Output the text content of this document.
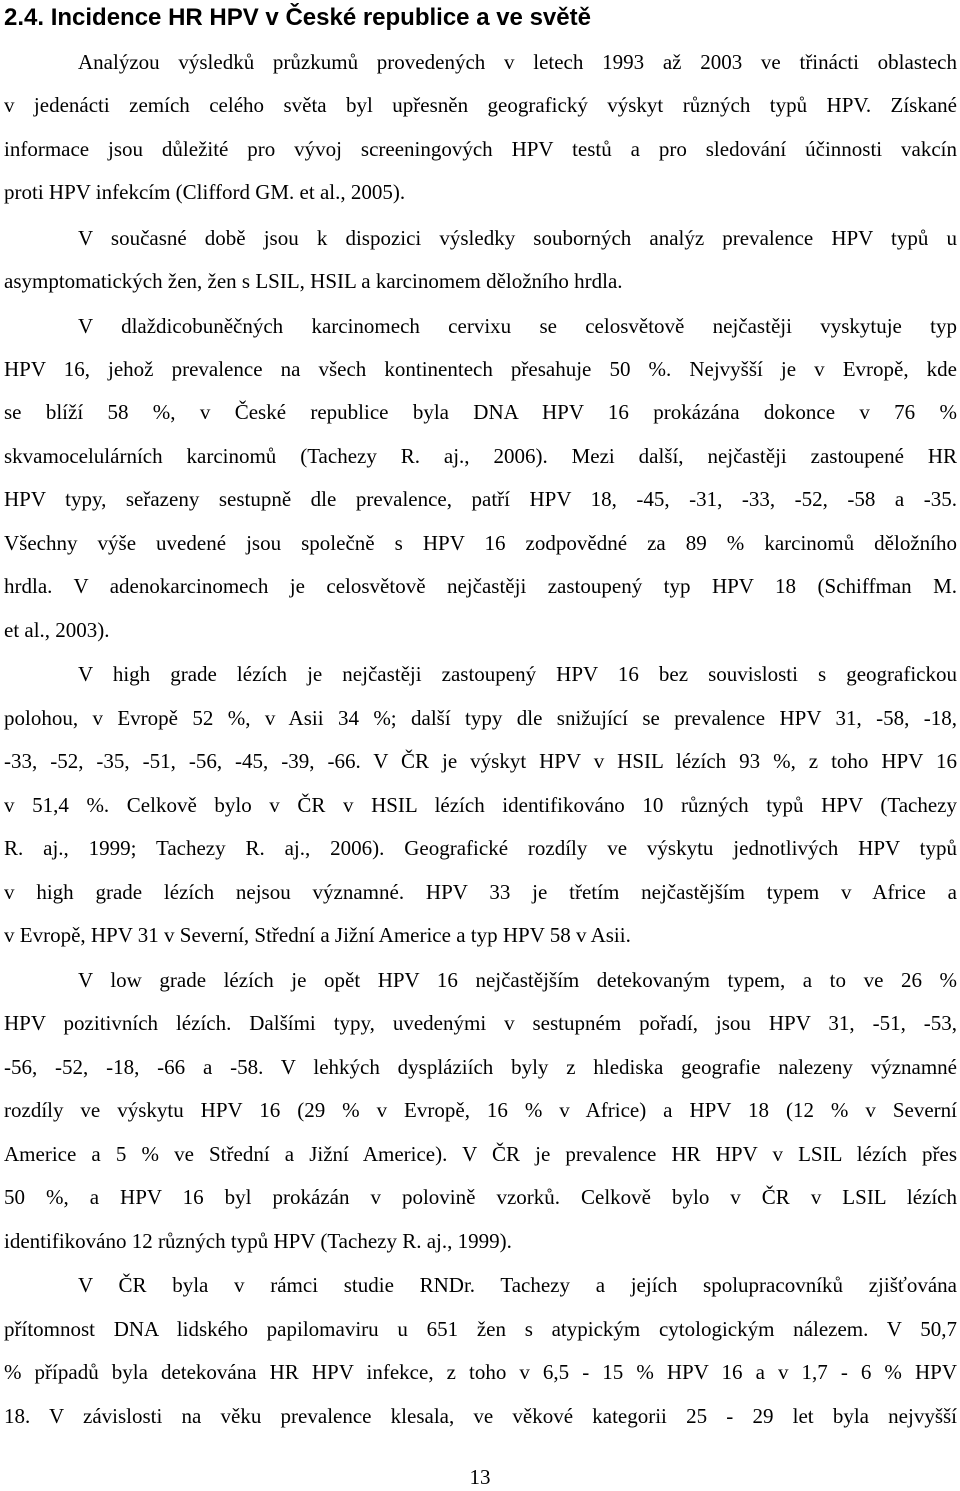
2.4. Incidence HR HPV v České republice a ve světě
Analýzou výsledků průzkumů provedených v letech 1993 až 2003 ve třinácti oblastech
v jedenácti zemích celého světa byl upřesněn geografický výskyt různých typů HPV. Získané
informace jsou důležité pro vývoj screeningových HPV testů a pro sledování účinnosti vakcín
proti HPV infekcím (Clifford GM. et al., 2005).
V současné době jsou k dispozici výsledky souborných analýz prevalence HPV typů u
asymptomatických žen, žen s LSIL, HSIL a karcinomem děložního hrdla.
V dlaždicobuněčných karcinomech cervixu se celosvětově nejčastěji vyskytuje typ
HPV 16, jehož prevalence na všech kontinentech přesahuje 50 %. Nejvyšší je v Evropě, kde
se blíží 58 %, v České republice byla DNA HPV 16 prokázána dokonce v 76 %
skvamocelulárních karcinomů (Tachezy R. aj., 2006). Mezi další, nejčastěji zastoupené HR
HPV typy, seřazeny sestupně dle prevalence, patří HPV 18, -45, -31, -33, -52, -58 a -35.
Všechny výše uvedené jsou společně s HPV 16 zodpovědné za 89 % karcinomů děložního
hrdla. V adenokarcinomech je celosvětově nejčastěji zastoupený typ HPV 18 (Schiffman M.
et al., 2003).
V high grade lézích je nejčastěji zastoupený HPV 16 bez souvislosti s geografickou
polohou, v Evropě 52 %, v Asii 34 %; další typy dle snižující se prevalence HPV 31, -58, -18,
-33, -52, -35, -51, -56, -45, -39, -66. V ČR je výskyt HPV v HSIL lézích 93 %, z toho HPV 16
v 51,4 %. Celkově bylo v ČR v HSIL lézích identifikováno 10 různých typů HPV (Tachezy
R. aj., 1999; Tachezy R. aj., 2006). Geografické rozdíly ve výskytu jednotlivých HPV typů
v high grade lézích nejsou významné. HPV 33 je třetím nejčastějším typem v Africe a
v Evropě, HPV 31 v Severní, Střední a Jižní Americe a typ HPV 58 v Asii.
V low grade lézích je opět HPV 16 nejčastějším detekovaným typem, a to ve 26 %
HPV pozitivních lézích. Dalšími typy, uvedenými v sestupném pořadí, jsou HPV 31, -51, -53,
-56, -52, -18, -66 a -58. V lehkých dyspláziích byly z hlediska geografie nalezeny významné
rozdíly ve výskytu HPV 16 (29 % v Evropě, 16 % v Africe) a HPV 18 (12 % v Severní
Americe a 5 % ve Střední a Jižní Americe). V ČR je prevalence HR HPV v LSIL lézích přes
50 %, a HPV 16 byl prokázán v polovině vzorků. Celkově bylo v ČR v LSIL lézích
identifikováno 12 různých typů HPV (Tachezy R. aj., 1999).
V ČR byla v rámci studie RNDr. Tachezy a jejích spolupracovníků zjišťována
přítomnost DNA lidského papilomaviru u 651 žen s atypickým cytologickým nálezem. V 50,7
% případů byla detekována HR HPV infekce, z toho v 6,5 - 15 % HPV 16 a v 1,7 - 6 % HPV
18. V závislosti na věku prevalence klesala, ve věkové kategorii 25 - 29 let byla nejvyšší
13
